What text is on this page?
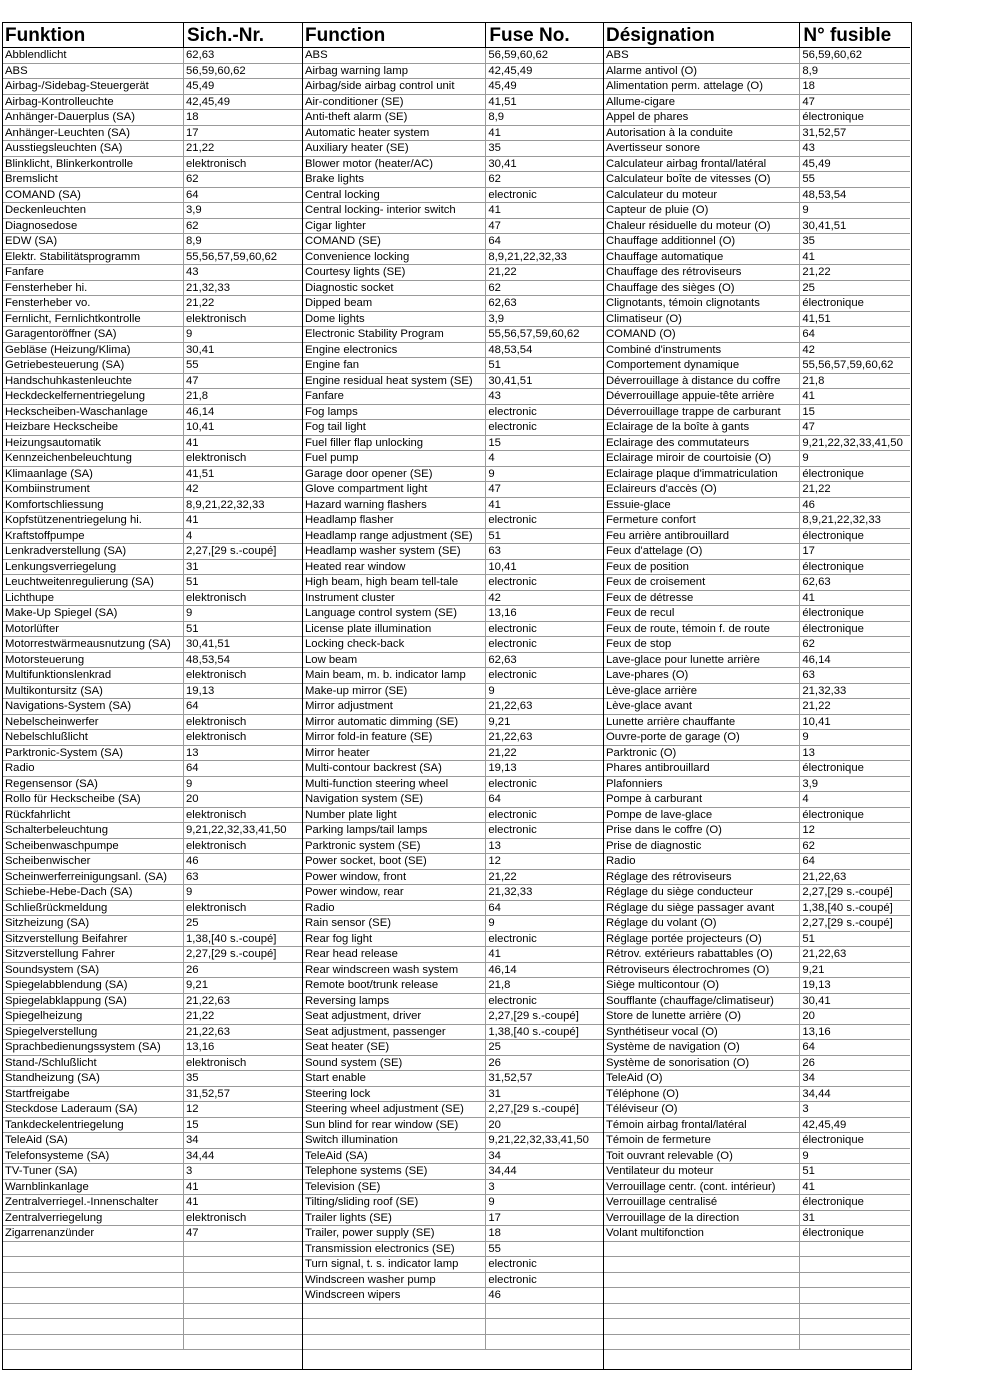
Funktion	Sich.-Nr.
Abblendlicht	62,63
ABS	56,59,60,62
Airbag-/Sidebag-Steuergerät	45,49
Airbag-Kontrolleuchte	42,45,49
Anhänger-Dauerplus (SA)	18
Anhänger-Leuchten (SA)	17
Ausstiegsleuchten (SA)	21,22
Blinklicht, Blinkerkontrolle	elektronisch
Bremslicht	62
COMAND (SA)	64
Deckenleuchten	3,9
Diagnosedose	62
EDW (SA)	8,9
Elektr. Stabilitätsprogramm	55,56,57,59,60,62
Fanfare	43
Fensterheber hi.	21,32,33
Fensterheber vo.	21,22
Fernlicht, Fernlichtkontrolle	elektronisch
Garagentoröffner (SA)	9
Gebläse (Heizung/Klima)	30,41
Getriebesteuerung (SA)	55
Handschuhkastenleuchte	47
Heckdeckelfernentriegelung	21,8
Heckscheiben-Waschanlage	46,14
Heizbare Heckscheibe	10,41
Heizungsautomatik	41
Kennzeichenbeleuchtung	elektronisch
Klimaanlage (SA)	41,51
Kombiinstrument	42
Komfortschliessung	8,9,21,22,32,33
Kopfstützenentriegelung hi.	41
Kraftstoffpumpe	4
Lenkradverstellung (SA)	2,27,[29 s.-coupé]
Lenkungsverriegelung	31
Leuchtweitenregulierung (SA)	51
Lichthupe	elektronisch
Make-Up Spiegel (SA)	9
Motorlüfter	51
Motorrestwärmeausnutzung (SA)	30,41,51
Motorsteuerung	48,53,54
Multifunktionslenkrad	elektronisch
Multikontursitz (SA)	19,13
Navigations-System (SA)	64
Nebelscheinwerfer	elektronisch
Nebelschlußlicht	elektronisch
Parktronic-System (SA)	13
Radio	64
Regensensor (SA)	9
Rollo für Heckscheibe (SA)	20
Rückfahrlicht	elektronisch
Schalterbeleuchtung	9,21,22,32,33,41,50
Scheibenwaschpumpe	elektronisch
Scheibenwischer	46
Scheinwerferreinigungsanl. (SA)	63
Schiebe-Hebe-Dach (SA)	9
Schließrückmeldung	elektronisch
Sitzheizung (SA)	25
Sitzverstellung Beifahrer	1,38,[40 s.-coupé]
Sitzverstellung Fahrer	2,27,[29 s.-coupé]
Soundsystem (SA)	26
Spiegelabblendung (SA)	9,21
Spiegelabklappung (SA)	21,22,63
Spiegelheizung	21,22
Spiegelverstellung	21,22,63
Sprachbedienungssystem (SA)	13,16
Stand-/Schlußlicht	elektronisch
Standheizung (SA)	35
Startfreigabe	31,52,57
Steckdose Laderaum (SA)	12
Tankdeckelentriegelung	15
TeleAid (SA)	34
Telefonsysteme (SA)	34,44
TV-Tuner (SA)	3
Warnblinkanlage	41
Zentralverriegel.-Innenschalter	41
Zentralverriegelung	elektronisch
Zigarrenanzünder	47
Function	Fuse No.
ABS	56,59,60,62
Airbag warning lamp	42,45,49
Airbag/side airbag control unit	45,49
Air-conditioner (SE)	41,51
Anti-theft alarm (SE)	8,9
Automatic heater system	41
Auxiliary heater (SE)	35
Blower motor (heater/AC)	30,41
Brake lights	62
Central locking	electronic
Central locking- interior switch	41
Cigar lighter	47
COMAND (SE)	64
Convenience locking	8,9,21,22,32,33
Courtesy lights (SE)	21,22
Diagnostic socket	62
Dipped beam	62,63
Dome lights	3,9
Electronic Stability Program	55,56,57,59,60,62
Engine electronics	48,53,54
Engine fan	51
Engine residual heat system (SE)	30,41,51
Fanfare	43
Fog lamps	electronic
Fog tail light	electronic
Fuel filler flap unlocking	15
Fuel pump	4
Garage door opener (SE)	9
Glove compartment light	47
Hazard warning flashers	41
Headlamp flasher	electronic
Headlamp range adjustment (SE)	51
Headlamp washer system (SE)	63
Heated rear window	10,41
High beam, high beam tell-tale	electronic
Instrument cluster	42
Language control system (SE)	13,16
License plate illumination	electronic
Locking check-back	electronic
Low beam	62,63
Main beam, m. b. indicator lamp	electronic
Make-up mirror (SE)	9
Mirror adjustment	21,22,63
Mirror automatic dimming (SE)	9,21
Mirror fold-in feature (SE)	21,22,63
Mirror heater	21,22
Multi-contour backrest (SA)	19,13
Multi-function steering wheel	electronic
Navigation system (SE)	64
Number plate light	electronic
Parking lamps/tail lamps	electronic
Parktronic system (SE)	13
Power socket, boot (SE)	12
Power window, front	21,22
Power window, rear	21,32,33
Radio	64
Rain sensor (SE)	9
Rear fog light	electronic
Rear head release	41
Rear windscreen wash system	46,14
Remote boot/trunk release	21,8
Reversing lamps	electronic
Seat adjustment, driver	2,27,[29 s.-coupé]
Seat adjustment, passenger	1,38,[40 s.-coupé]
Seat heater (SE)	25
Sound system (SE)	26
Start enable	31,52,57
Steering lock	31
Steering wheel adjustment (SE)	2,27,[29 s.-coupé]
Sun blind for rear window (SE)	20
Switch illumination	9,21,22,32,33,41,50
TeleAid (SA)	34
Telephone systems (SE)	34,44
Television (SE)	3
Tilting/sliding roof (SE)	9
Trailer lights (SE)	17
Trailer, power supply (SE)	18
Transmission electronics (SE)	55
Turn signal, t. s. indicator lamp	electronic
Windscreen washer pump	electronic
Windscreen wipers	46
Désignation	N° fusible
ABS	56,59,60,62
Alarme antivol (O)	8,9
Alimentation perm. attelage (O)	18
Allume-cigare	47
Appel de phares	électronique
Autorisation à la conduite	31,52,57
Avertisseur sonore	43
Calculateur airbag frontal/latéral	45,49
Calculateur boîte de vitesses (O)	55
Calculateur du moteur	48,53,54
Capteur de pluie (O)	9
Chaleur résiduelle du moteur (O)	30,41,51
Chauffage additionnel (O)	35
Chauffage automatique	41
Chauffage des rétroviseurs	21,22
Chauffage des sièges (O)	25
Clignotants, témoin clignotants	électronique
Climatiseur (O)	41,51
COMAND (O)	64
Combiné d'instruments	42
Comportement dynamique	55,56,57,59,60,62
Déverrouillage à distance du coffre	21,8
Déverrouillage appuie-tête arrière	41
Déverrouillage trappe de carburant	15
Eclairage de la boîte à gants	47
Eclairage des commutateurs	9,21,22,32,33,41,50
Eclairage miroir de courtoisie (O)	9
Eclairage plaque d'immatriculation	électronique
Eclaireurs d'accès (O)	21,22
Essuie-glace	46
Fermeture confort	8,9,21,22,32,33
Feu arrière antibrouillard	électronique
Feux d'attelage (O)	17
Feux de position	électronique
Feux de croisement	62,63
Feux de détresse	41
Feux de recul	électronique
Feux de route, témoin f. de route	électronique
Feux de stop	62
Lave-glace pour lunette arrière	46,14
Lave-phares (O)	63
Lève-glace arrière	21,32,33
Lève-glace avant	21,22
Lunette arrière chauffante	10,41
Ouvre-porte de garage (O)	9
Parktronic (O)	13
Phares antibrouillard	électronique
Plafonniers	3,9
Pompe à carburant	4
Pompe de lave-glace	électronique
Prise dans le coffre (O)	12
Prise de diagnostic	62
Radio	64
Réglage des rétroviseurs	21,22,63
Réglage du siège conducteur	2,27,[29 s.-coupé]
Réglage du siège passager avant	1,38,[40 s.-coupé]
Réglage du volant (O)	2,27,[29 s.-coupé]
Réglage portée projecteurs (O)	51
Rétrov. extérieurs rabattables (O)	21,22,63
Rétroviseurs électrochromes (O)	9,21
Siège multicontour (O)	19,13
Soufflante (chauffage/climatiseur)	30,41
Store de lunette arrière (O)	20
Synthétiseur vocal (O)	13,16
Système de navigation (O)	64
Système de sonorisation (O)	26
TeleAid (O)	34
Téléphone (O)	34,44
Téléviseur (O)	3
Témoin airbag frontal/latéral	42,45,49
Témoin de fermeture	électronique
Toit ouvrant relevable (O)	9
Ventilateur du moteur	51
Verrouillage centr. (cont. intérieur)	41
Verrouillage centralisé	électronique
Verrouillage de la direction	31
Volant multifonction	électronique
